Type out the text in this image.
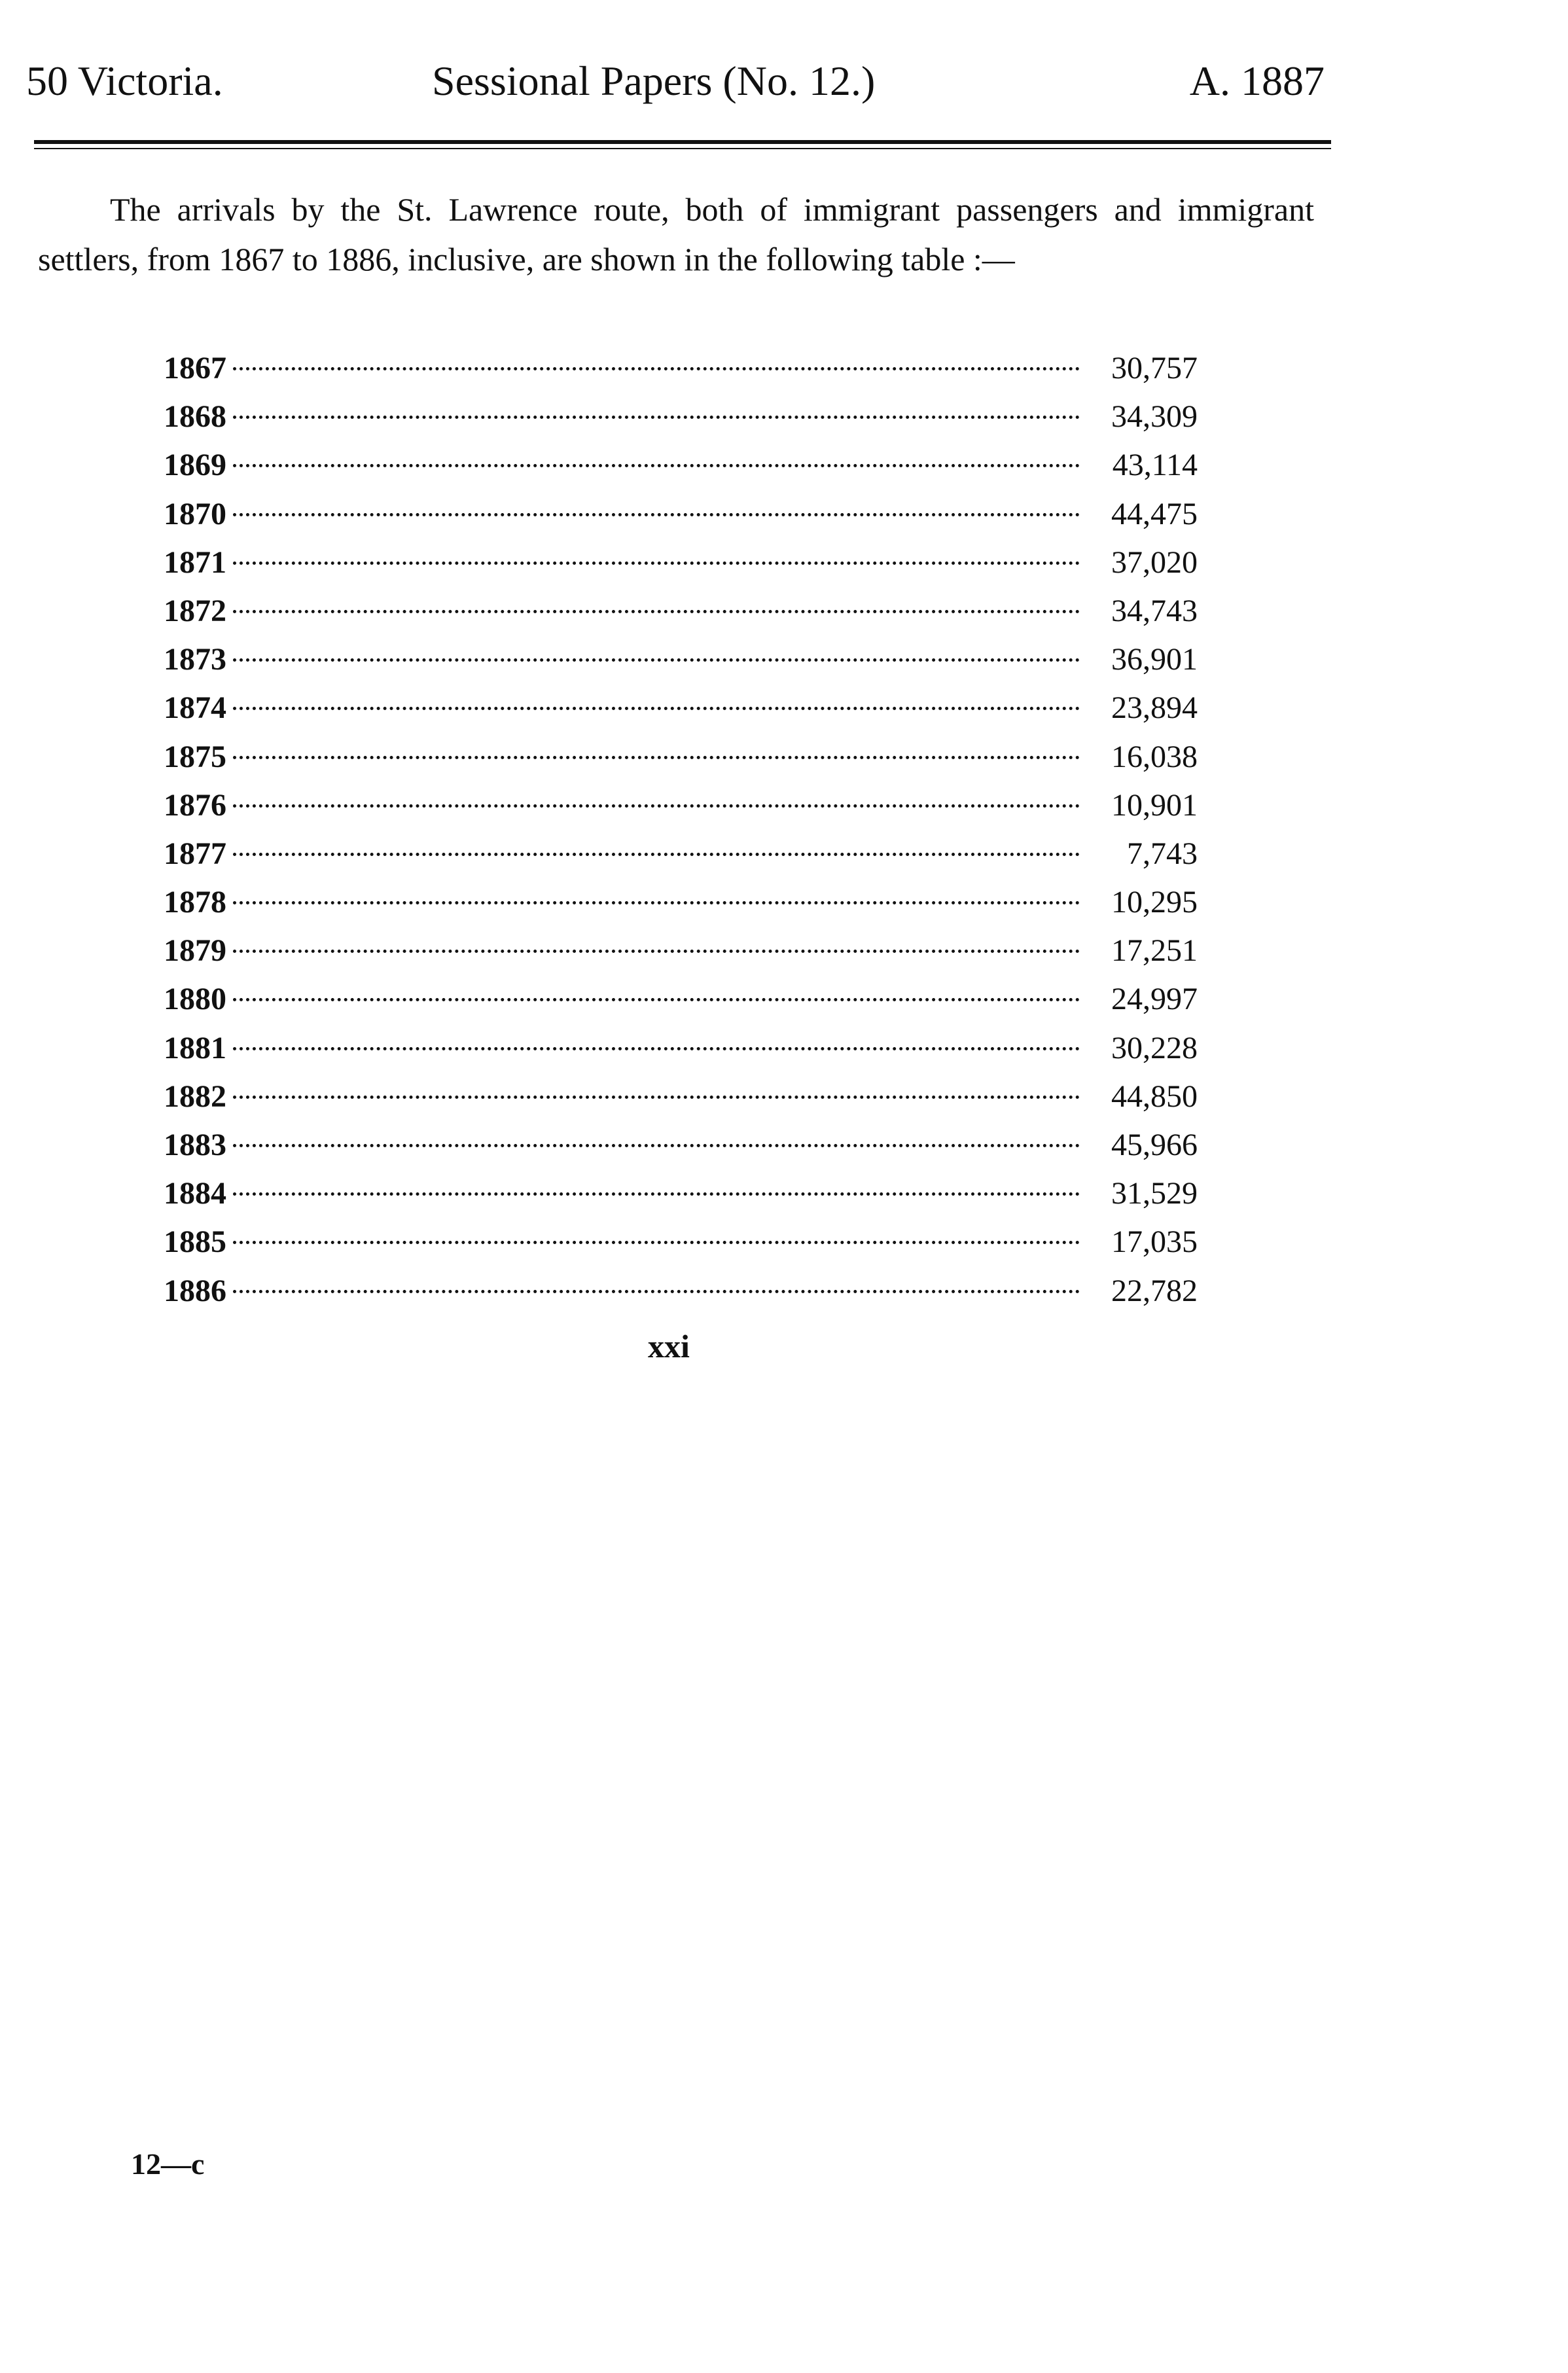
50 Victoria.	Sessional Papers (No. 12.)	A. 1887

The arrivals by the St. Lawrence route, both of immigrant passengers and immigrant settlers, from 1867 to 1886, inclusive, are shown in the following table :—

1867	30,757
1868	34,309
1869	43,114
1870	44,475
1871	37,020
1872	34,743
1873	36,901
1874	23,894
1875	16,038
1876	10,901
1877	7,743
1878	10,295
1879	17,251
1880	24,997
1881	30,228
1882	44,850
1883	45,966
1884	31,529
1885	17,035
1886	22,782
xxi
12—c
